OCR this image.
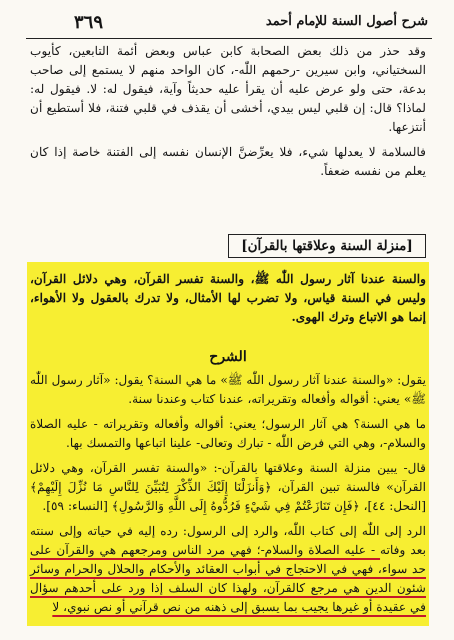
٣٦٩	شرح أصول السنة للإمام أحمد

وقد حذر من ذلك بعض الصحابة كابن عباس وبعض أئمة التابعين، كأيوب السختياني، وابن سيرين -رحمهم اللّٰه-، كان الواحد منهم لا يستمع إلى صاحب بدعة، حتى ولو عرض عليه أن يقرأ عليه حديثاً وآية، فيقول له: لا. فيقول له: لماذا؟ قال: إن قلبي ليس بيدي، أخشى أن يقذف في قلبي فتنة، فلا أستطيع أن أنتزعها.

فالسلامة لا يعدلها شيء، فلا يعرِّضنَّ الإنسان نفسه إلى الفتنة خاصة إذا كان يعلم من نفسه ضعفاً.

[منزلة السنة وعلاقتها بالقرآن]
والسنة عندنا آثار رسول اللّٰه ﷺ، والسنة تفسر القرآن، وهي دلائل القرآن، وليس في السنة قياس، ولا تضرب لها الأمثال، ولا تدرك بالعقول ولا الأهواء، إنما هو الاتباع وترك الهوى.
الشرح

يقول: «والسنة عندنا آثار رسول اللّٰه ﷺ» ما هي السنة؟ يقول: «آثار رسول اللّٰه ﷺ» يعني: أقواله وأفعاله وتقريراته، عندنا كتاب وعندنا سنة.

ما هي السنة؟ هي آثار الرسول؛ يعني: أقواله وأفعاله وتقريراته - عليه الصلاة والسلام-، وهي التي فرض اللّٰه - تبارك وتعالى- علينا اتباعها والتمسك بها.

قال- يبين منزلة السنة وعلاقتها بالقرآن-: «والسنة تفسر القرآن، وهي دلائل القرآن» فالسنة تبين القرآن، ﴿وَأَنزَلْنَا إِلَيْكَ الذِّكْرَ لِتُبَيِّنَ لِلنَّاسِ مَا نُزِّلَ إِلَيْهِمْ﴾ [النحل: ٤٤]، ﴿فَإِن تَنَازَعْتُمْ فِي شَيْءٍ فَرُدُّوهُ إِلَى اللَّهِ وَالرَّسُولِ﴾ [النساء: ٥٩].

الرد إلى اللّٰه إلى كتاب اللّٰه، والرد إلى الرسول: رده إليه في حياته وإلى سنته بعد وفاته - عليه الصلاة والسلام-؛ فهي مرد الناس ومرجعهم هي والقرآن على حد سواء، فهي في الاحتجاج في أبواب العقائد والأحكام والحلال والحرام وسائر شئون الدين هي مرجع كالقرآن، ولهذا كان السلف إذا ورد على أحدهم سؤال في عقيدة أو غيرها يجيب بما يسبق إلى ذهنه من نص قرآني أو نص نبوي، لا
